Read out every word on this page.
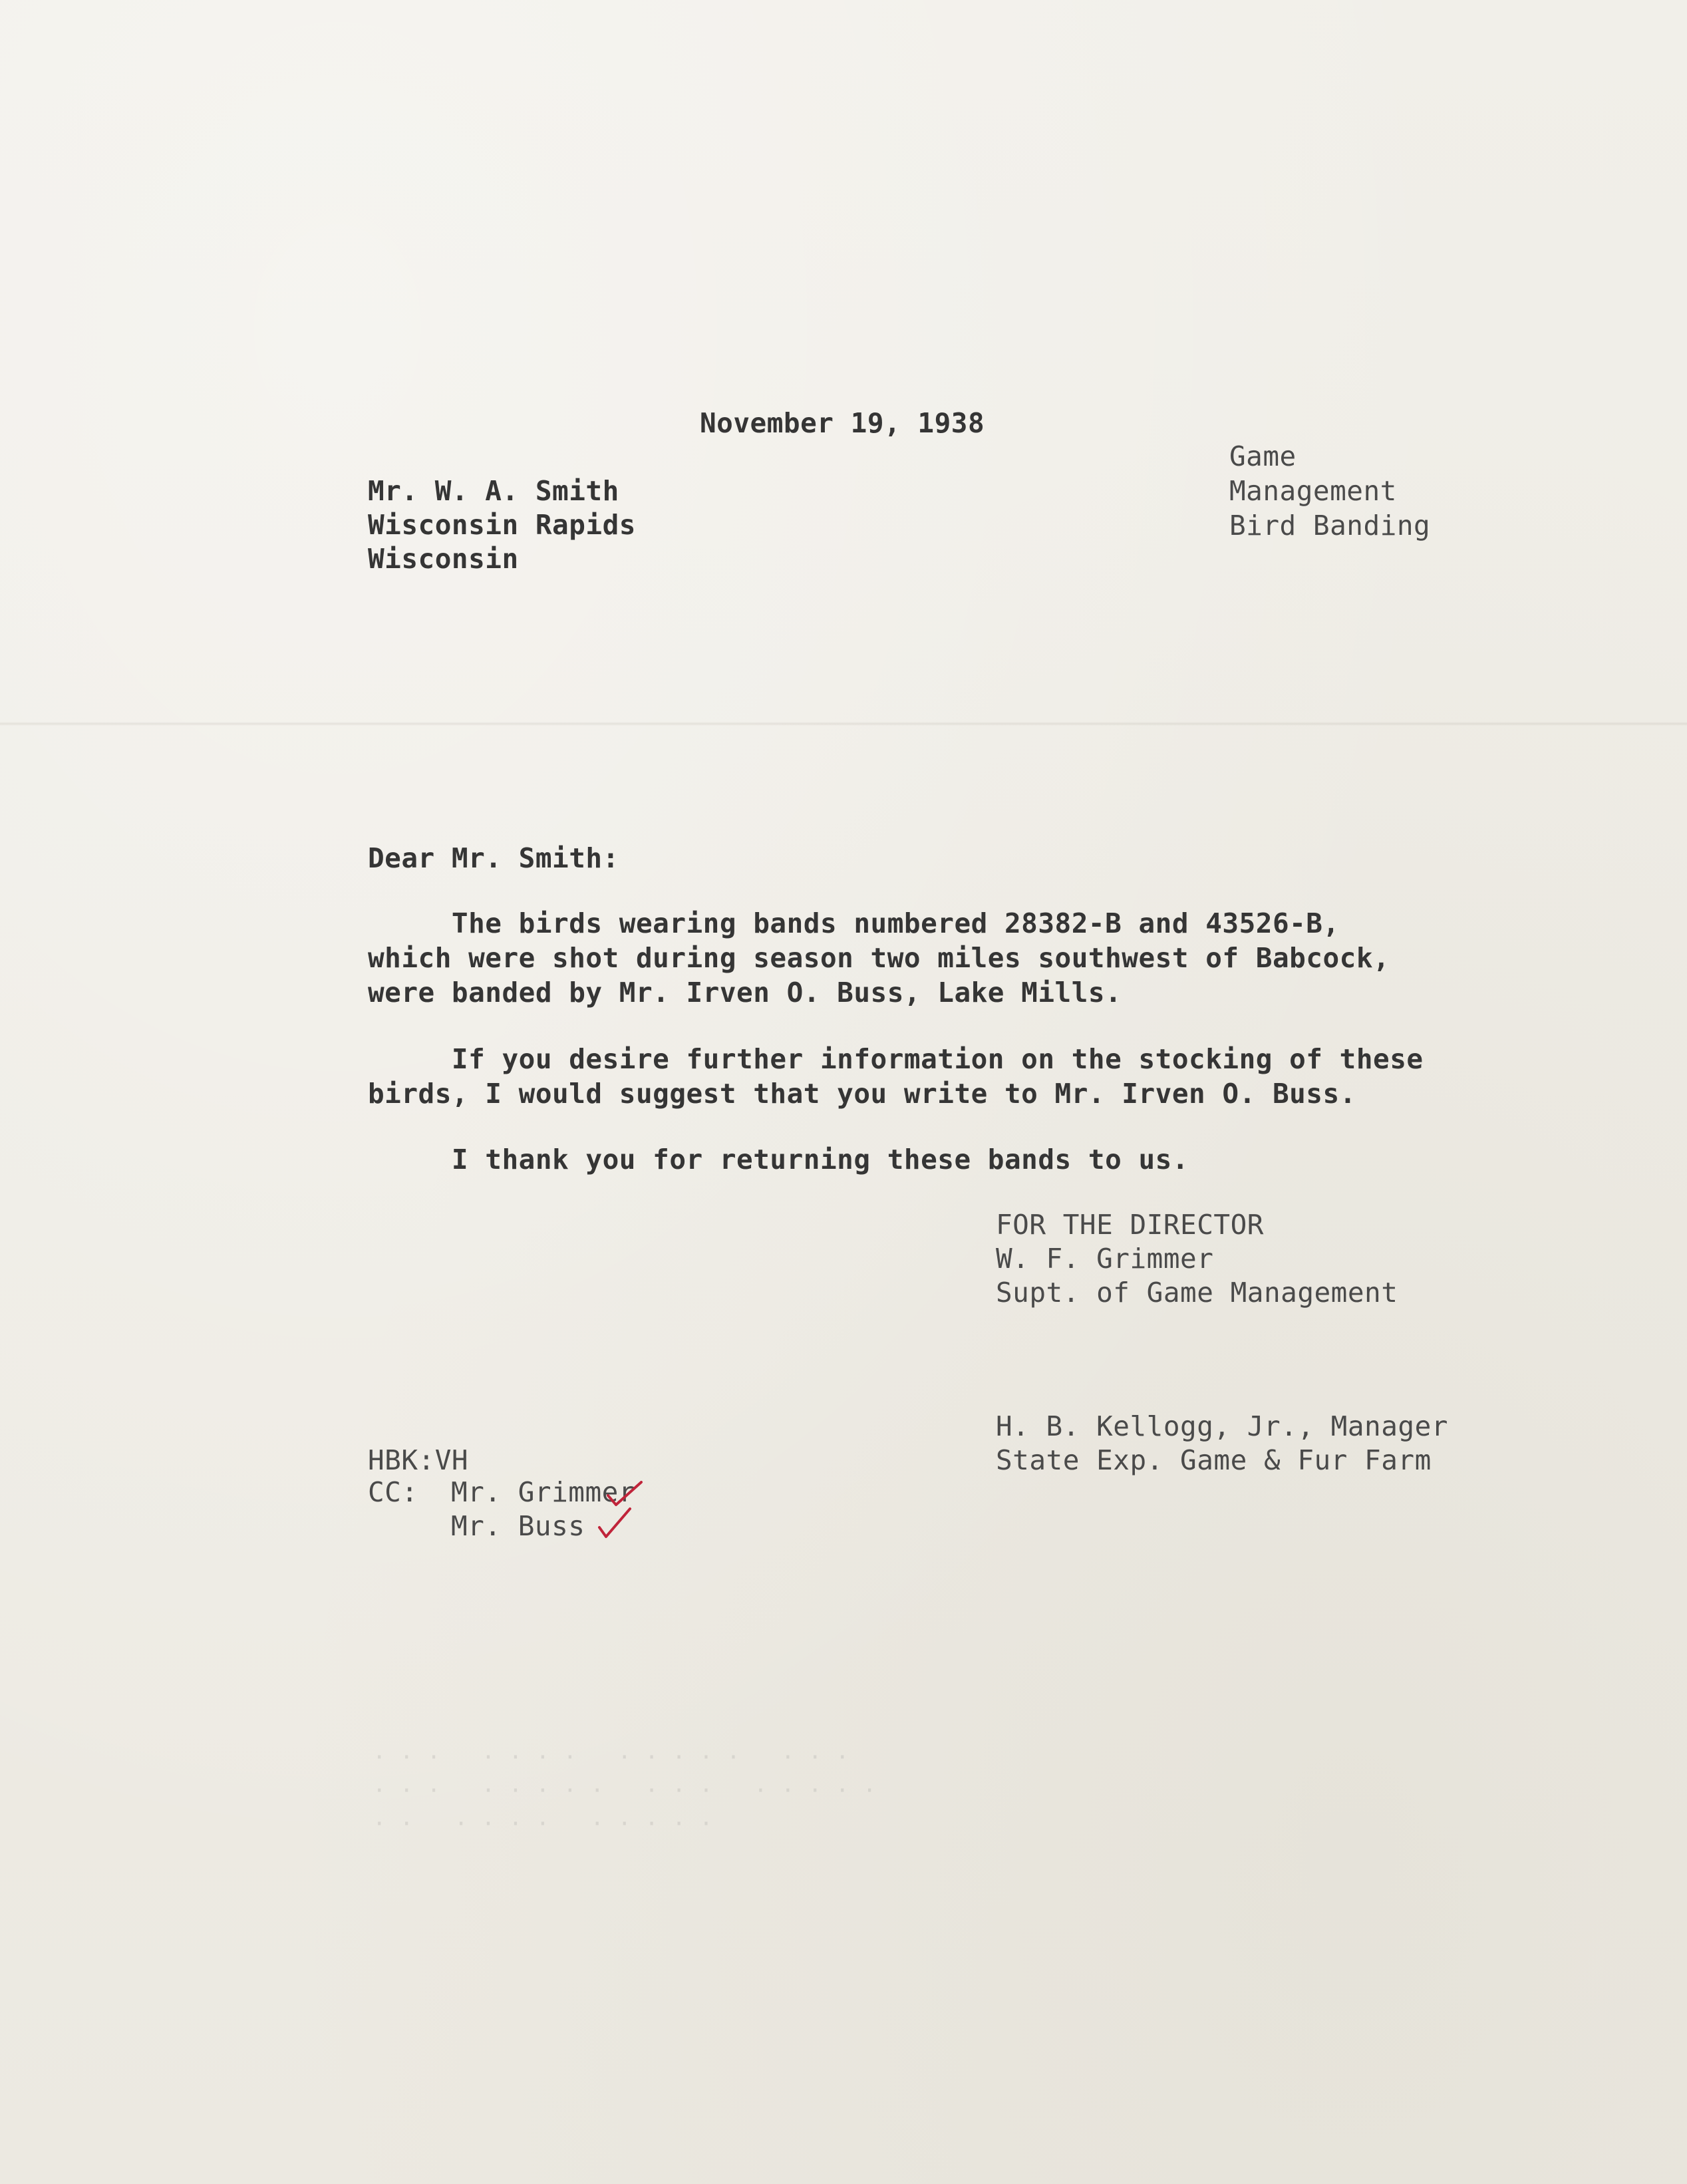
November 19, 1938
Game
Management
Bird Banding
Mr. W. A. Smith
Wisconsin Rapids
Wisconsin
Dear Mr. Smith:
The birds wearing bands numbered 28382-B and 43526-B,
which were shot during season two miles southwest of Babcock,
were banded by Mr. Irven O. Buss, Lake Mills.
If you desire further information on the stocking of these
birds, I would suggest that you write to Mr. Irven O. Buss.
I thank you for returning these bands to us.
FOR THE DIRECTOR
W. F. Grimmer
Supt. of Game Management
H. B. Kellogg, Jr., Manager
State Exp. Game & Fur Farm
HBK:VH
CC: Mr. Grimmer
Mr. Buss
· · ·   · · · ·   · · · · ·   · · ·
· · ·   · · · · ·   · · ·   · · · · ·
· ·   · · · ·   · · · · ·
